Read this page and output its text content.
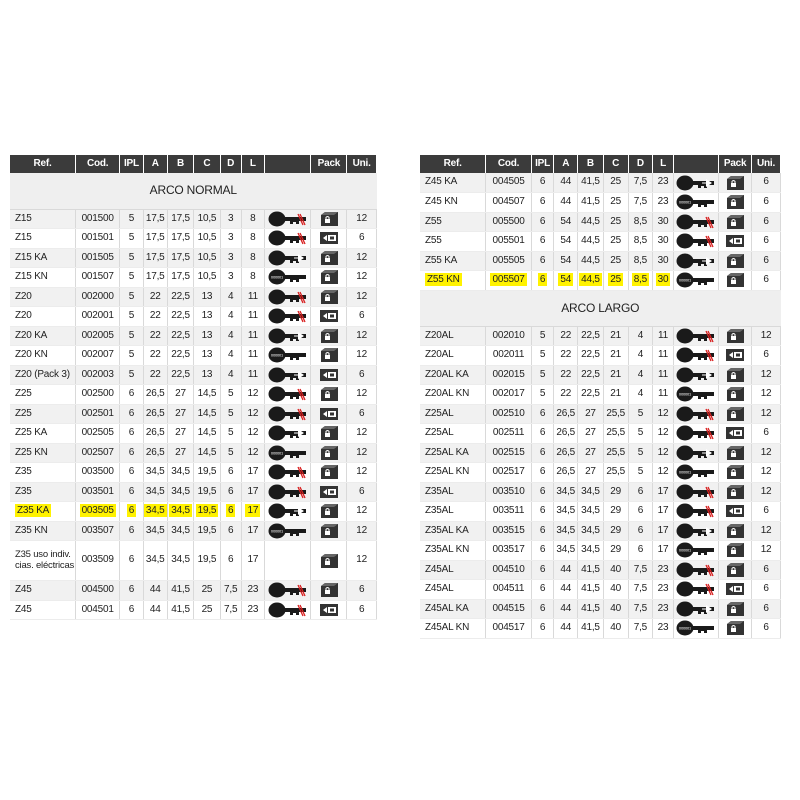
Ref.	Cod.	IPL	A	B	C	D	L		Pack	Uni.
ARCO NORMAL										
Z15	001500	5	17,5	17,5	10,5	3	8			12
Z15	001501	5	17,5	17,5	10,5	3	8			6
Z15 KA	001505	5	17,5	17,5	10,5	3	8			12
Z15 KN	001507	5	17,5	17,5	10,5	3	8	000001		12
Z20	002000	5	22	22,5	13	4	11			12
Z20	002001	5	22	22,5	13	4	11			6
Z20 KA	002005	5	22	22,5	13	4	11			12
Z20 KN	002007	5	22	22,5	13	4	11	000001		12
Z20 (Pack 3)	002003	5	22	22,5	13	4	11			6
Z25	002500	6	26,5	27	14,5	5	12			12
Z25	002501	6	26,5	27	14,5	5	12			6
Z25 KA	002505	6	26,5	27	14,5	5	12			12
Z25 KN	002507	6	26,5	27	14,5	5	12	000001		12
Z35	003500	6	34,5	34,5	19,5	6	17			12
Z35	003501	6	34,5	34,5	19,5	6	17			6
Z35 KA	003505	6	34,5	34,5	19,5	6	17			12
Z35 KN	003507	6	34,5	34,5	19,5	6	17	000001		12
Z35 uso indiv. cias. eléctricas	003509	6	34,5	34,5	19,5	6	17			12
Z45	004500	6	44	41,5	25	7,5	23			6
Z45	004501	6	44	41,5	25	7,5	23			6
Ref.	Cod.	IPL	A	B	C	D	L		Pack	Uni.
Z45 KA	004505	6	44	41,5	25	7,5	23			6
Z45 KN	004507	6	44	41,5	25	7,5	23	000001		6
Z55	005500	6	54	44,5	25	8,5	30			6
Z55	005501	6	54	44,5	25	8,5	30			6
Z55 KA	005505	6	54	44,5	25	8,5	30			6
Z55 KN	005507	6	54	44,5	25	8,5	30	000001		6
ARCO LARGO										
Z20AL	002010	5	22	22,5	21	4	11			12
Z20AL	002011	5	22	22,5	21	4	11			6
Z20AL KA	002015	5	22	22,5	21	4	11			12
Z20AL KN	002017	5	22	22,5	21	4	11	000001		12
Z25AL	002510	6	26,5	27	25,5	5	12			12
Z25AL	002511	6	26,5	27	25,5	5	12			6
Z25AL KA	002515	6	26,5	27	25,5	5	12			12
Z25AL KN	002517	6	26,5	27	25,5	5	12	000001		12
Z35AL	003510	6	34,5	34,5	29	6	17			12
Z35AL	003511	6	34,5	34,5	29	6	17			6
Z35AL KA	003515	6	34,5	34,5	29	6	17			12
Z35AL KN	003517	6	34,5	34,5	29	6	17	000001		12
Z45AL	004510	6	44	41,5	40	7,5	23			6
Z45AL	004511	6	44	41,5	40	7,5	23			6
Z45AL KA	004515	6	44	41,5	40	7,5	23			6
Z45AL KN	004517	6	44	41,5	40	7,5	23	000001		6
